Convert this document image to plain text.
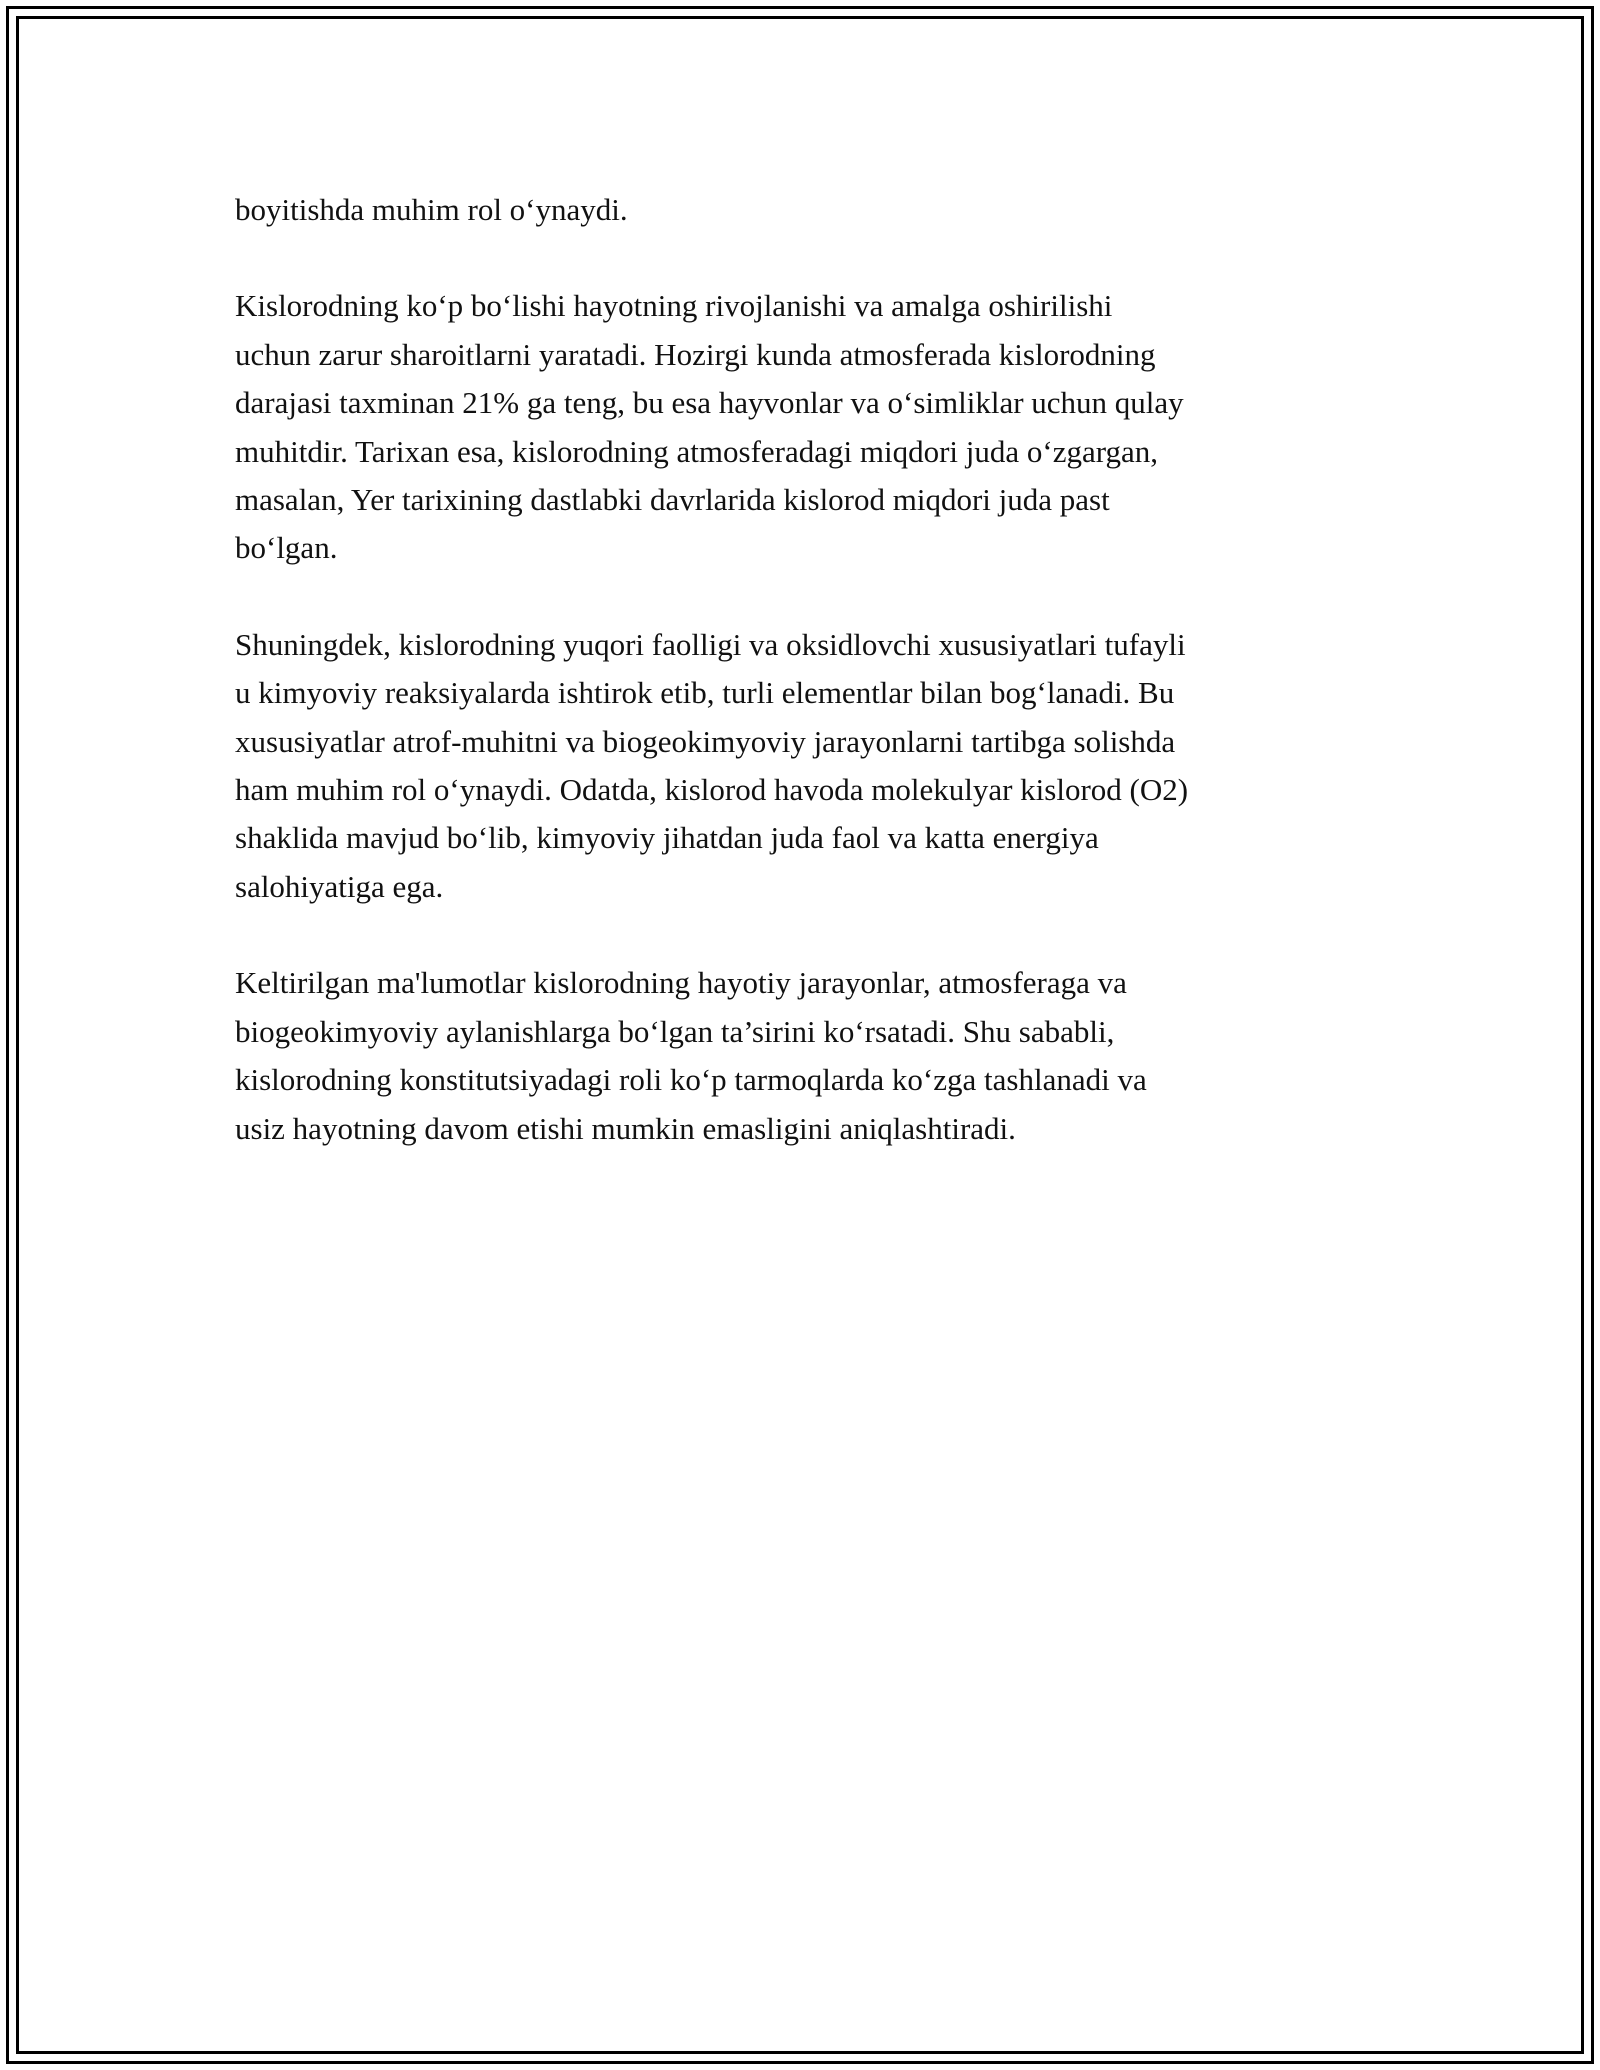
boyitishda muhim rol o‘ynaydi.

Kislorodning ko‘p bo‘lishi hayotning rivojlanishi va amalga oshirilishi
uchun zarur sharoitlarni yaratadi. Hozirgi kunda atmosferada kislorodning
darajasi taxminan 21% ga teng, bu esa hayvonlar va o‘simliklar uchun qulay
muhitdir. Tarixan esa, kislorodning atmosferadagi miqdori juda o‘zgargan,
masalan, Yer tarixining dastlabki davrlarida kislorod miqdori juda past
bo‘lgan.

Shuningdek, kislorodning yuqori faolligi va oksidlovchi xususiyatlari tufayli
u kimyoviy reaksiyalarda ishtirok etib, turli elementlar bilan bog‘lanadi. Bu
xususiyatlar atrof-muhitni va biogeokimyoviy jarayonlarni tartibga solishda
ham muhim rol o‘ynaydi. Odatda, kislorod havoda molekulyar kislorod (O2)
shaklida mavjud bo‘lib, kimyoviy jihatdan juda faol va katta energiya
salohiyatiga ega.

Keltirilgan ma'lumotlar kislorodning hayotiy jarayonlar, atmosferaga va
biogeokimyoviy aylanishlarga bo‘lgan ta’sirini ko‘rsatadi. Shu sababli,
kislorodning konstitutsiyadagi roli ko‘p tarmoqlarda ko‘zga tashlanadi va
usiz hayotning davom etishi mumkin emasligini aniqlashtiradi.
